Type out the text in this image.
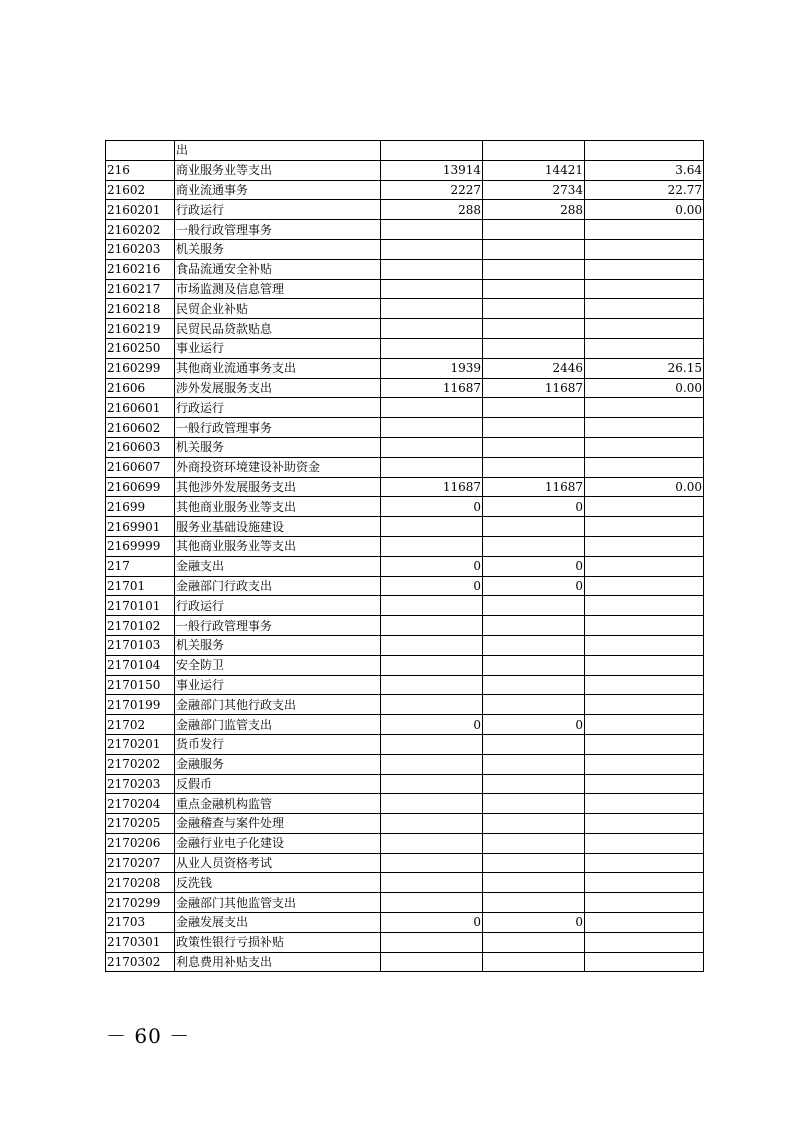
	出			
216	商业服务业等支出	13914	14421	3.64
21602	商业流通事务	2227	2734	22.77
2160201	行政运行	288	288	0.00
2160202	一般行政管理事务			
2160203	机关服务			
2160216	食品流通安全补贴			
2160217	市场监测及信息管理			
2160218	民贸企业补贴			
2160219	民贸民品贷款贴息			
2160250	事业运行			
2160299	其他商业流通事务支出	1939	2446	26.15
21606	涉外发展服务支出	11687	11687	0.00
2160601	行政运行			
2160602	一般行政管理事务			
2160603	机关服务			
2160607	外商投资环境建设补助资金			
2160699	其他涉外发展服务支出	11687	11687	0.00
21699	其他商业服务业等支出	0	0	
2169901	服务业基础设施建设			
2169999	其他商业服务业等支出			
217	金融支出	0	0	
21701	金融部门行政支出	0	0	
2170101	行政运行			
2170102	一般行政管理事务			
2170103	机关服务			
2170104	安全防卫			
2170150	事业运行			
2170199	金融部门其他行政支出			
21702	金融部门监管支出	0	0	
2170201	货币发行			
2170202	金融服务			
2170203	反假币			
2170204	重点金融机构监管			
2170205	金融稽查与案件处理			
2170206	金融行业电子化建设			
2170207	从业人员资格考试			
2170208	反洗钱			
2170299	金融部门其他监管支出			
21703	金融发展支出	0	0	
2170301	政策性银行亏损补贴			
2170302	利息费用补贴支出			
－ 60 －
